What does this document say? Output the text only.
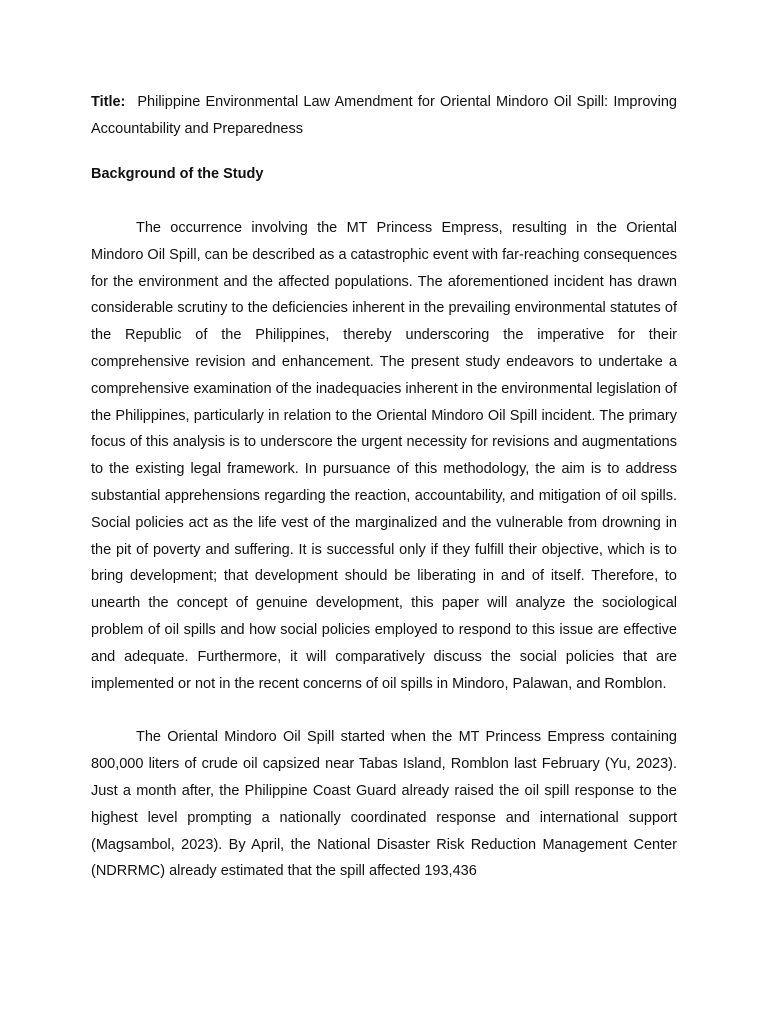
Title: Philippine Environmental Law Amendment for Oriental Mindoro Oil Spill: Improving Accountability and Preparedness

Background of the Study

The occurrence involving the MT Princess Empress, resulting in the Oriental Mindoro Oil Spill, can be described as a catastrophic event with far-reaching consequences for the environment and the affected populations. The aforementioned incident has drawn considerable scrutiny to the deficiencies inherent in the prevailing environmental statutes of the Republic of the Philippines, thereby underscoring the imperative for their comprehensive revision and enhancement. The present study endeavors to undertake a comprehensive examination of the inadequacies inherent in the environmental legislation of the Philippines, particularly in relation to the Oriental Mindoro Oil Spill incident. The primary focus of this analysis is to underscore the urgent necessity for revisions and augmentations to the existing legal framework. In pursuance of this methodology, the aim is to address substantial apprehensions regarding the reaction, accountability, and mitigation of oil spills. Social policies act as the life vest of the marginalized and the vulnerable from drowning in the pit of poverty and suffering. It is successful only if they fulfill their objective, which is to bring development; that development should be liberating in and of itself. Therefore, to unearth the concept of genuine development, this paper will analyze the sociological problem of oil spills and how social policies employed to respond to this issue are effective and adequate. Furthermore, it will comparatively discuss the social policies that are implemented or not in the recent concerns of oil spills in Mindoro, Palawan, and Romblon.

The Oriental Mindoro Oil Spill started when the MT Princess Empress containing 800,000 liters of crude oil capsized near Tabas Island, Romblon last February (Yu, 2023). Just a month after, the Philippine Coast Guard already raised the oil spill response to the highest level prompting a nationally coordinated response and international support (Magsambol, 2023). By April, the National Disaster Risk Reduction Management Center (NDRRMC) already estimated that the spill affected 193,436
